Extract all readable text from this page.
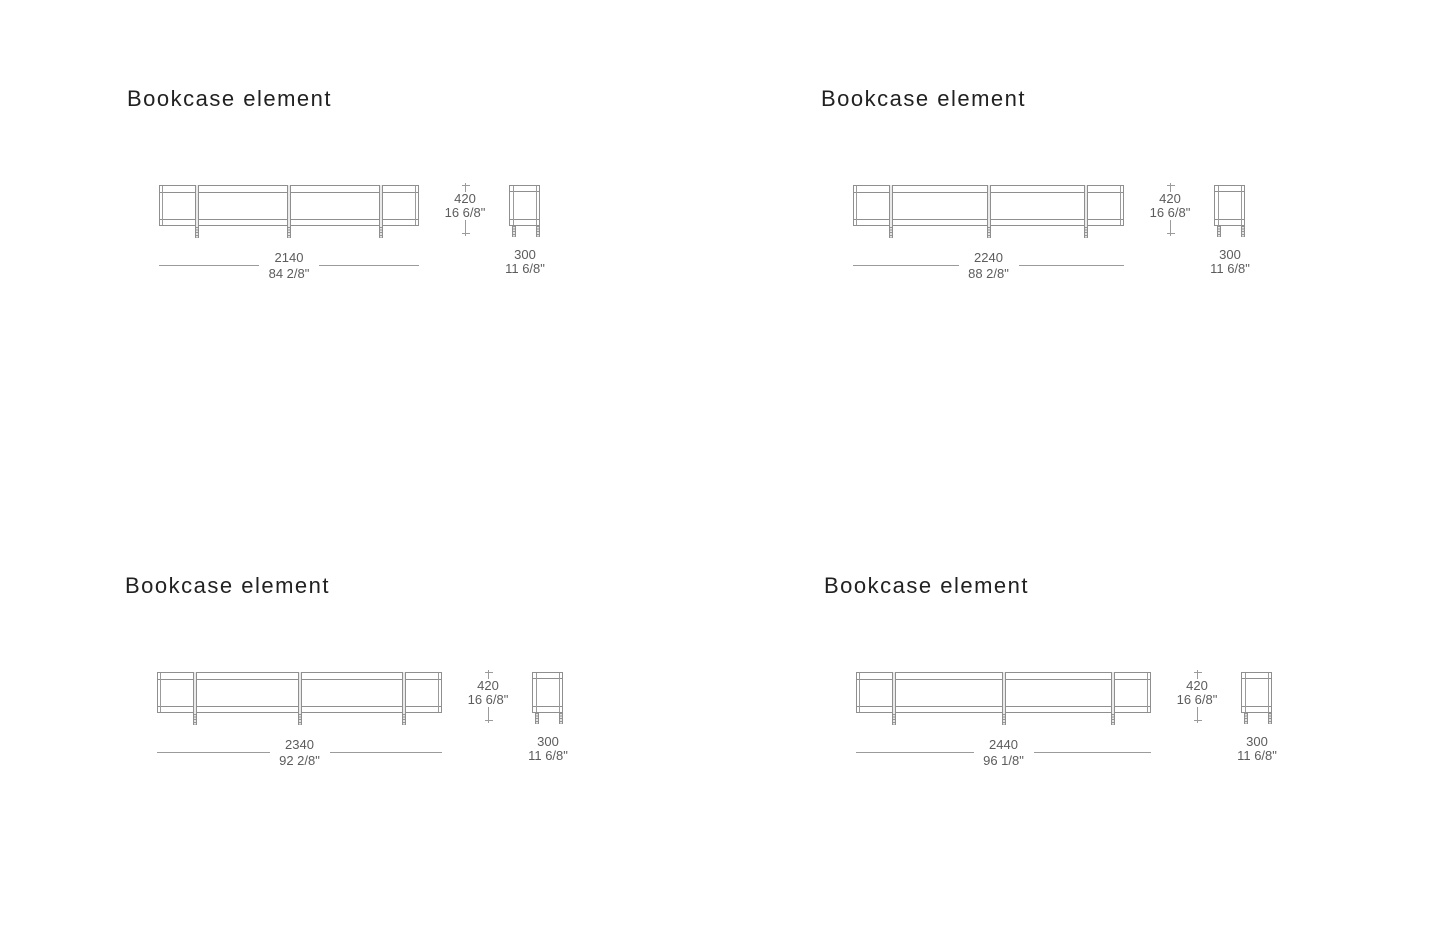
Bookcase element
420
16 6/8"
2140
84 2/8"
300
11 6/8"
Bookcase element
420
16 6/8"
2240
88 2/8"
300
11 6/8"
Bookcase element
420
16 6/8"
2340
92 2/8"
300
11 6/8"
Bookcase element
420
16 6/8"
2440
96 1/8"
300
11 6/8"
